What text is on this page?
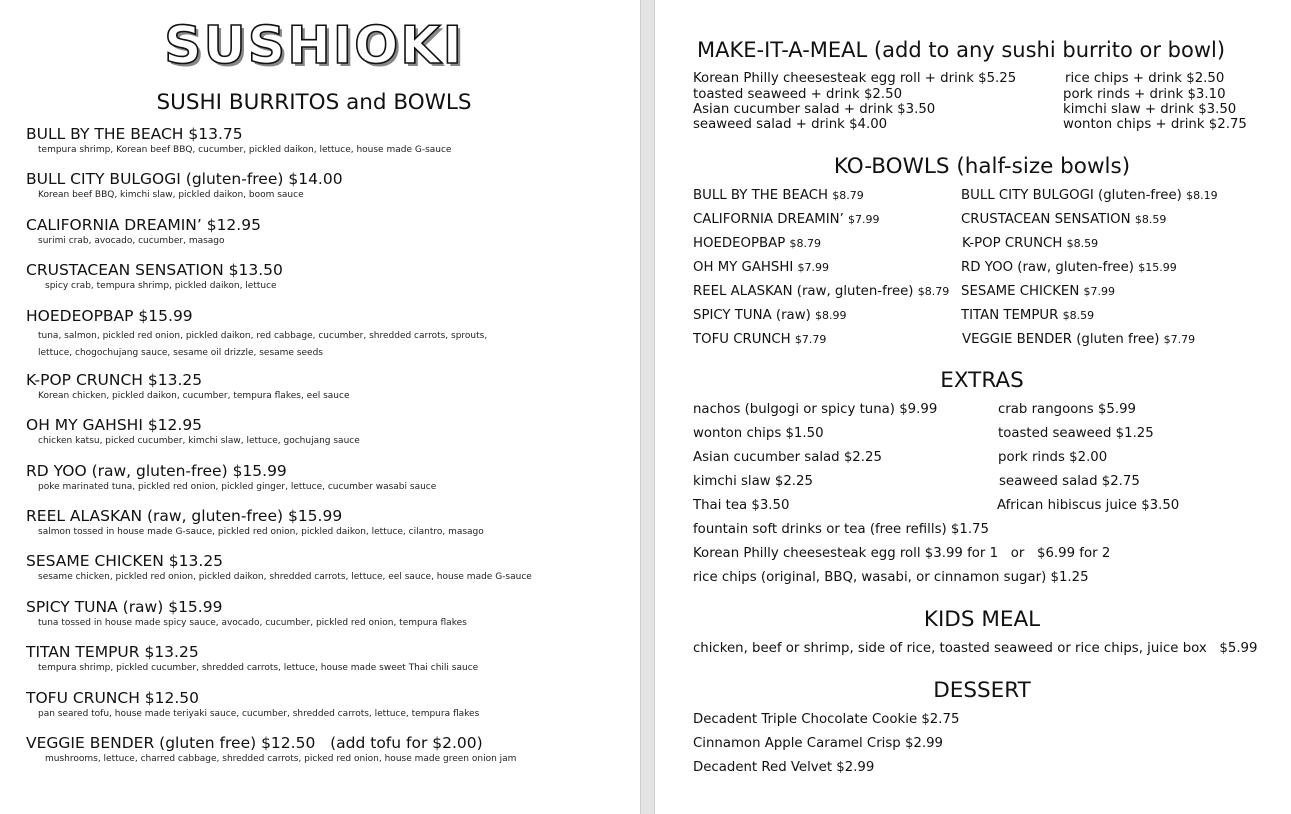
SUSHIOKI
SUSHI BURRITOS and BOWLS
BULL BY THE BEACH $13.75
tempura shrimp, Korean beef BBQ, cucumber, pickled daikon, lettuce, house made G-sauce
BULL CITY BULGOGI (gluten-free) $14.00
Korean beef BBQ, kimchi slaw, pickled daikon, boom sauce
CALIFORNIA DREAMIN’ $12.95
surimi crab, avocado, cucumber, masago
CRUSTACEAN SENSATION $13.50
spicy crab, tempura shrimp, pickled daikon, lettuce
HOEDEOPBAP $15.99
tuna, salmon, pickled red onion, pickled daikon, red cabbage, cucumber, shredded carrots, sprouts,
lettuce, chogochujang sauce, sesame oil drizzle, sesame seeds
K-POP CRUNCH $13.25
Korean chicken, pickled daikon, cucumber, tempura flakes, eel sauce
OH MY GAHSHI $12.95
chicken katsu, picked cucumber, kimchi slaw, lettuce, gochujang sauce
RD YOO (raw, gluten-free) $15.99
poke marinated tuna, pickled red onion, pickled ginger, lettuce, cucumber wasabi sauce
REEL ALASKAN (raw, gluten-free) $15.99
salmon tossed in house made G-sauce, pickled red onion, pickled daikon, lettuce, cilantro, masago
SESAME CHICKEN $13.25
sesame chicken, pickled red onion, pickled daikon, shredded carrots, lettuce, eel sauce, house made G-sauce
SPICY TUNA (raw) $15.99
tuna tossed in house made spicy sauce, avocado, cucumber, pickled red onion, tempura flakes
TITAN TEMPUR $13.25
tempura shrimp, pickled cucumber, shredded carrots, lettuce, house made sweet Thai chili sauce
TOFU CRUNCH $12.50
pan seared tofu, house made teriyaki sauce, cucumber, shredded carrots, lettuce, tempura flakes
VEGGIE BENDER (gluten free) $12.50   (add tofu for $2.00)
mushrooms, lettuce, charred cabbage, shredded carrots, picked red onion, house made green onion jam
MAKE-IT-A-MEAL (add to any sushi burrito or bowl)
Korean Philly cheesesteak egg roll + drink $5.25
toasted seaweed + drink $2.50
Asian cucumber salad + drink $3.50
seaweed salad + drink $4.00
rice chips + drink $2.50
pork rinds + drink $3.10
kimchi slaw + drink $3.50
wonton chips + drink $2.75
KO-BOWLS (half-size bowls)
BULL BY THE BEACH $8.79
CALIFORNIA DREAMIN’ $7.99
HOEDEOPBAP $8.79
OH MY GAHSHI $7.99
REEL ALASKAN (raw, gluten-free) $8.79
SPICY TUNA (raw) $8.99
TOFU CRUNCH $7.79
BULL CITY BULGOGI (gluten-free) $8.19
CRUSTACEAN SENSATION $8.59
K-POP CRUNCH $8.59
RD YOO (raw, gluten-free) $15.99
SESAME CHICKEN $7.99
TITAN TEMPUR $8.59
VEGGIE BENDER (gluten free) $7.79
EXTRAS
nachos (bulgogi or spicy tuna) $9.99
wonton chips $1.50
Asian cucumber salad $2.25
kimchi slaw $2.25
Thai tea $3.50
crab rangoons $5.99
toasted seaweed $1.25
pork rinds $2.00
seaweed salad $2.75
African hibiscus juice $3.50
fountain soft drinks or tea (free refills) $1.75
Korean Philly cheesesteak egg roll $3.99 for 1   or   $6.99 for 2
rice chips (original, BBQ, wasabi, or cinnamon sugar) $1.25
KIDS MEAL
chicken, beef or shrimp, side of rice, toasted seaweed or rice chips, juice box   $5.99
DESSERT
Decadent Triple Chocolate Cookie $2.75
Cinnamon Apple Caramel Crisp $2.99
Decadent Red Velvet $2.99
